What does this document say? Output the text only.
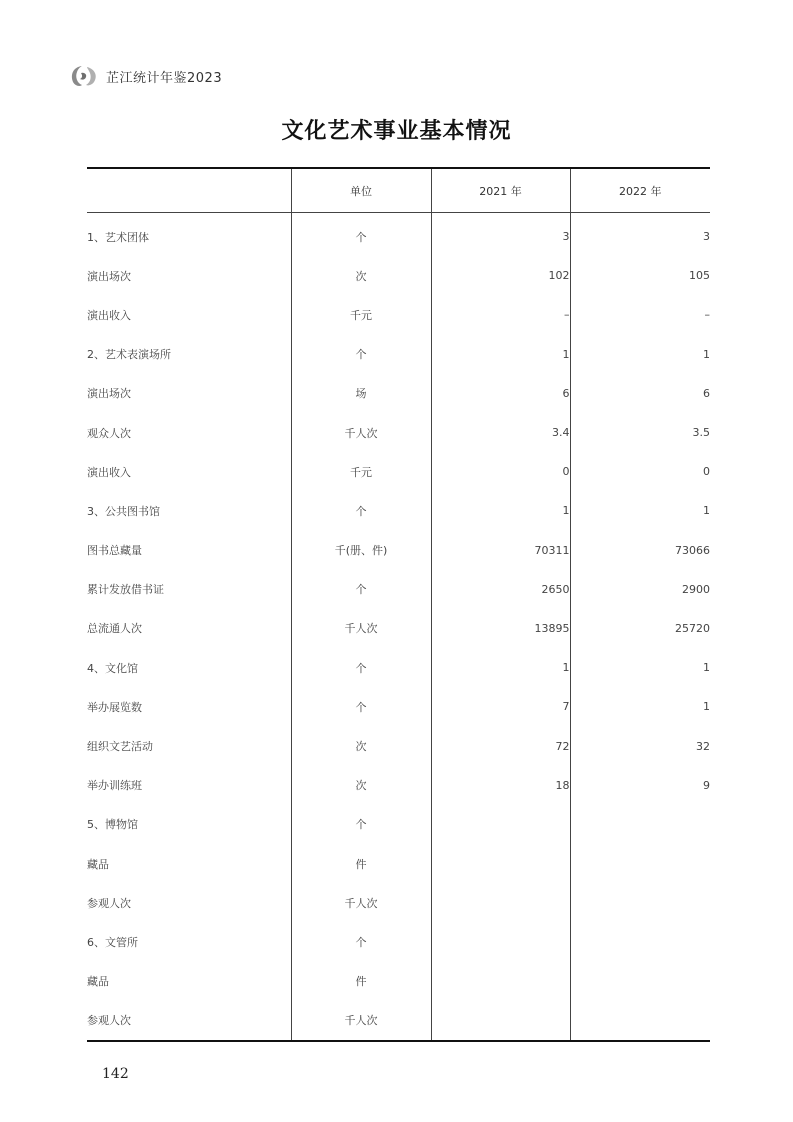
芷江统计年鉴2023
文化艺术事业基本情况
	单位	2021 年	2022 年
1、艺术团体	个	3	3
演出场次	次	102	105
演出收入	千元	–	–
2、艺术表演场所	个	1	1
演出场次	场	6	6
观众人次	千人次	3.4	3.5
演出收入	千元	0	0
3、公共图书馆	个	1	1
图书总藏量	千(册、件)	70311	73066
累计发放借书证	个	2650	2900
总流通人次	千人次	13895	25720
4、文化馆	个	1	1
举办展览数	个	7	1
组织文艺活动	次	72	32
举办训练班	次	18	9
5、博物馆	个		
藏品	件		
参观人次	千人次		
6、文管所	个		
藏品	件		
参观人次	千人次		
142
